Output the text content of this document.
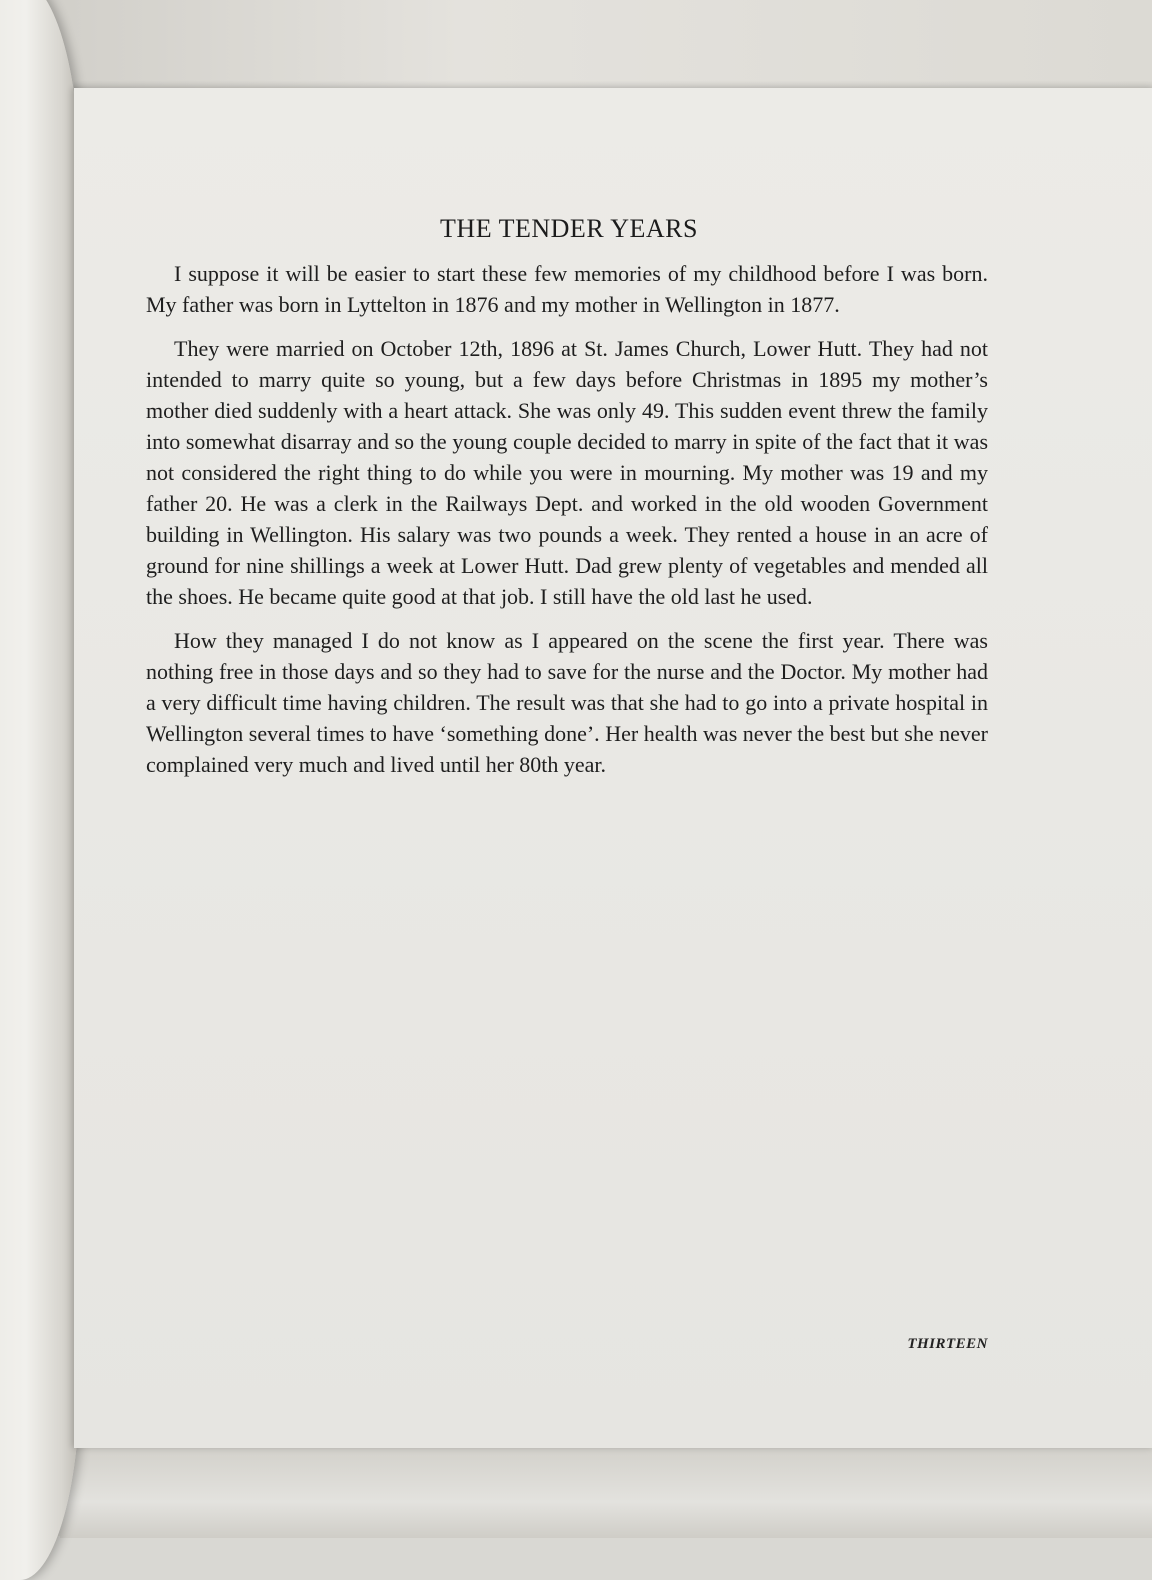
THE TENDER YEARS

I suppose it will be easier to start these few memories of my childhood before I was born. My father was born in Lyttelton in 1876 and my mother in Wellington in 1877.

They were married on October 12th, 1896 at St. James Church, Lower Hutt. They had not intended to marry quite so young, but a few days before Christmas in 1895 my mother’s mother died suddenly with a heart attack. She was only 49. This sudden event threw the family into somewhat disarray and so the young couple decided to marry in spite of the fact that it was not considered the right thing to do while you were in mourning. My mother was 19 and my father 20. He was a clerk in the Railways Dept. and worked in the old wooden Government building in Wellington. His salary was two pounds a week. They rented a house in an acre of ground for nine shillings a week at Lower Hutt. Dad grew plenty of vegetables and mended all the shoes. He became quite good at that job. I still have the old last he used.

How they managed I do not know as I appeared on the scene the first year. There was nothing free in those days and so they had to save for the nurse and the Doctor. My mother had a very difficult time having children. The result was that she had to go into a private hospital in Wellington several times to have ‘something done’. Her health was never the best but she never complained very much and lived until her 80th year.

THIRTEEN
